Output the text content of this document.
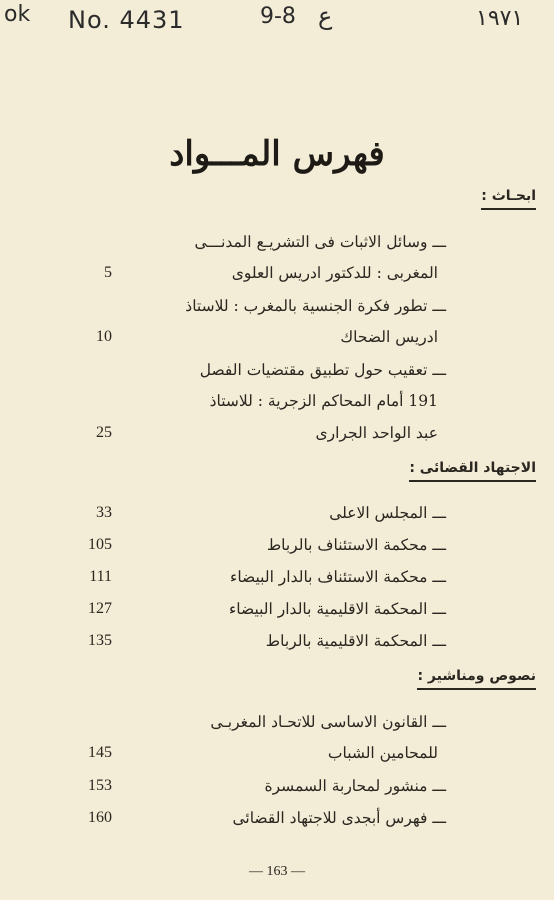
ok No. 4431	9-8 ع	١٩٧١
فهرس المـــواد
ابحـاث :
ـــ وسائل الاثبات فى التشريـع المدنـــى
المغربى : للدكتور ادريس العلوى
5
ـــ تطور فكرة الجنسية بالمغرب : للاستاذ
ادريس الضحاك
10
ـــ تعقيب حول تطبيق مقتضيات الفصل
191 أمام المحاكم الزجرية : للاستاذ
عبد الواحد الجرارى
25
الاجتهاد القضائى :
ـــ المجلس الاعلى
33
ـــ محكمة الاستئناف بالرباط
105
ـــ محكمة الاستئناف بالدار البيضاء
111
ـــ المحكمة الاقليمية بالدار البيضاء
127
ـــ المحكمة الاقليمية بالرباط
135
نصوص ومناشير :
ـــ القانون الاساسى للاتحـاد المغربـى
للمحامين الشباب
145
ـــ منشور لمحاربة السمسرة
153
ـــ فهرس أبجدى للاجتهاد القضائى
160
— 163 —
